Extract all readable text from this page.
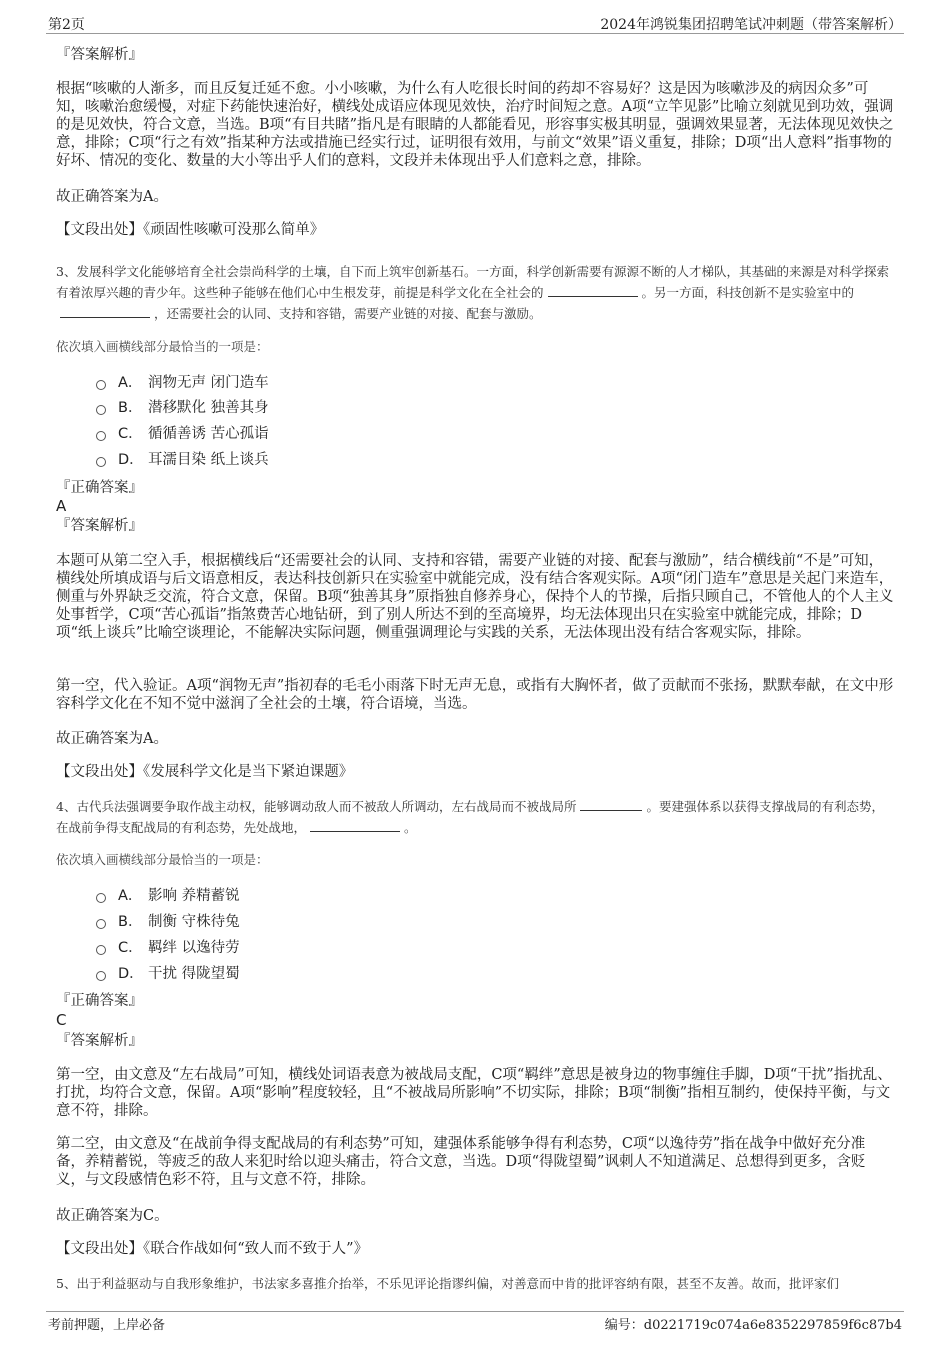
第2页	2024年鸿锐集团招聘笔试冲刺题（带答案解析）
『答案解析』
根据“咳嗽的人渐多，而且反复迁延不愈。小小咳嗽，为什么有人吃很长时间的药却不容易好？这是因为咳嗽涉及的病因众多”可知，咳嗽治愈缓慢，对症下药能快速治好，横线处成语应体现见效快，治疗时间短之意。A项“立竿见影”比喻立刻就见到功效，强调的是见效快，符合文意，当选。B项“有目共睹”指凡是有眼睛的人都能看见，形容事实极其明显，强调效果显著，无法体现见效快之意，排除；C项“行之有效”指某种方法或措施已经实行过，证明很有效用，与前文“效果”语义重复，排除；D项“出人意料”指事物的好坏、情况的变化、数量的大小等出乎人们的意料，文段并未体现出乎人们意料之意，排除。
故正确答案为A。
【文段出处】《顽固性咳嗽可没那么简单》
3、发展科学文化能够培育全社会崇尚科学的土壤，自下而上筑牢创新基石。一方面，科学创新需要有源源不断的人才梯队，其基础的来源是对科学探索有着浓厚兴趣的青少年。这些种子能够在他们心中生根发芽，前提是科学文化在全社会的	。另一方面，科技创新不是实验室中的，还需要社会的认同、支持和容错，需要产业链的对接、配套与激励。
依次填入画横线部分最恰当的一项是：
A． 润物无声 闭门造车
B． 潜移默化 独善其身
C． 循循善诱 苦心孤诣
D． 耳濡目染 纸上谈兵
『正确答案』
A
『答案解析』
本题可从第二空入手，根据横线后“还需要社会的认同、支持和容错，需要产业链的对接、配套与激励”，结合横线前“不是”可知，横线处所填成语与后文语意相反，表达科技创新只在实验室中就能完成，没有结合客观实际。A项“闭门造车”意思是关起门来造车，侧重与外界缺乏交流，符合文意，保留。B项“独善其身”原指独自修养身心，保持个人的节操，后指只顾自己，不管他人的个人主义处事哲学，C项“苦心孤诣”指煞费苦心地钻研，到了别人所达不到的至高境界，均无法体现出只在实验室中就能完成，排除；D项“纸上谈兵”比喻空谈理论，不能解决实际问题，侧重强调理论与实践的关系，无法体现出没有结合客观实际，排除。
第一空，代入验证。A项“润物无声”指初春的毛毛小雨落下时无声无息，或指有大胸怀者，做了贡献而不张扬，默默奉献，在文中形容科学文化在不知不觉中滋润了全社会的土壤，符合语境，当选。
故正确答案为A。
【文段出处】《发展科学文化是当下紧迫课题》
4、古代兵法强调要争取作战主动权，能够调动敌人而不被敌人所调动，左右战局而不被战局所	。要建强体系以获得支撑战局的有利态势，在战前争得支配战局的有利态势，先处战地，	。
依次填入画横线部分最恰当的一项是：
A． 影响 养精蓄锐
B． 制衡 守株待兔
C． 羁绊 以逸待劳
D． 干扰 得陇望蜀
『正确答案』
C
『答案解析』
第一空，由文意及“左右战局”可知，横线处词语表意为被战局支配，C项“羁绊”意思是被身边的物事缠住手脚，D项“干扰”指扰乱、打扰，均符合文意，保留。A项“影响”程度较轻，且“不被战局所影响”不切实际，排除；B项“制衡”指相互制约，使保持平衡，与文意不符，排除。
第二空，由文意及“在战前争得支配战局的有利态势”可知，建强体系能够争得有利态势，C项“以逸待劳”指在战争中做好充分准备，养精蓄锐，等疲乏的敌人来犯时给以迎头痛击，符合文意，当选。D项“得陇望蜀”讽刺人不知道满足、总想得到更多，含贬义，与文段感情色彩不符，且与文意不符，排除。
故正确答案为C。
【文段出处】《联合作战如何“致人而不致于人”》
5、出于利益驱动与自我形象维护，书法家多喜推介抬举，不乐见评论指谬纠偏，对善意而中肯的批评容纳有限，甚至不友善。故而，批评家们
考前押题，上岸必备	编号：d0221719c074a6e8352297859f6c87b4
